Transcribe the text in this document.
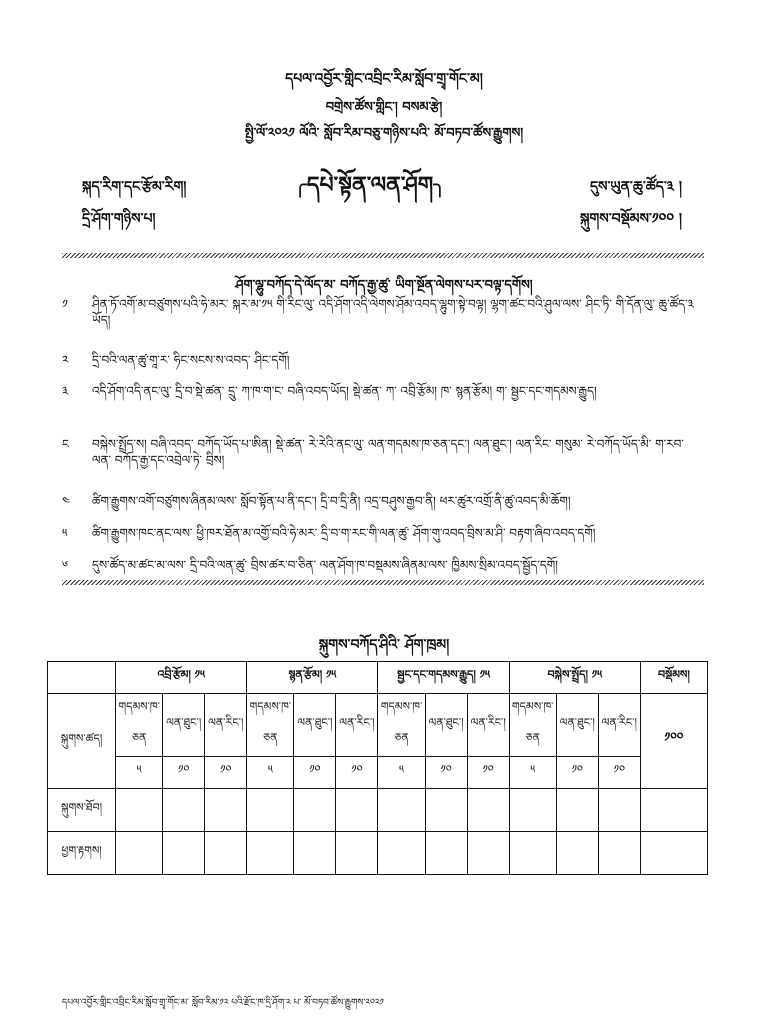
དཔལ་འབྱོར་གླིང་འབྲིང་རིམ་སློབ་གྲྭ་གོང་མ།
བགྲེས་ཚོས་གླིང་། བསམ་རྩེ།
སྤྱི་ལོ་༢༠༢༡ ལོའི་ སློབ་རིམ་བཅུ་གཉིས་པའི་ མོ་བཏབ་ཚོས་རྒྱུགས།
སྐད་རིག་དང་རྩོམ་རིག།	╭དཔེ་སྟོན་ལན་ཤོག╮	དུས་ཡུན་ཆུ་ཚོད་༣ །
དྲི་ཤོག་གཉིས་པ།	སྐུགས་བསྡོམས་༡༠༠ །
ཤོག་ལྷུ་བཀོད་དེ་ལོད་མ་ བཀོད་རྒྱ་ཚུ་ ཡིག་སྔོན་ལེགས་པར་བལྟ་དགོས།
༡	ཤིན་ཏོ་འགོ་མ་བཙུགས་པའི་ཧེ་མར་ སྐར་མ་༡༥ གི་རིང་ལུ་ འདི་ཤོག་འདི་ལེགས་ཤོམ་འབད་ལྷུག་སྟེ་བལྟ། ལྷག་ཚང་བའི་ཤུལ་ལས་ ཤིང་ཏི་ གི་དོན་ལུ་ ཆུ་ཚོད་༣ ཡོད།
༢	དྲི་བའི་ལན་ཚུ་གཱ་ར་ ཧིང་སངས་ས་འབད་ ཤིང་དགོ།
༣	འདི་ཤོག་འདི་ནང་ལུ་ དྲི་བ་སྡེ་ཚན་ དྲུ་ ཀ་ཁ་ག་ང་ བཞི་འབད་ཡོད། སྡེ་ཚན་ ཀ་ འབྲི་རྩོམ། ཁ་ སྙན་རྩོམ། ག་ སྦྱང་དང་གདམས་རྒྱུད།
ང	བསྐེས་སྤྲོད་ས། བཞི་འབད་ བཀོད་ཡོད་པ་ཨིན། སྡེ་ཚན་ རེ་རེའི་ནང་ལུ་ ལན་གདམས་ཁ་ཅན་དང་། ལན་ཐུང་། ལན་རིང་ གསུམ་ རེ་བཀོད་ཡོད་མི་ ག་རབ་ལན་ བཀོད་རྒྱ་དང་འབྲེལ་ཏེ་ བྲིས།
༤	ཚིག་རྒྱུགས་འགོ་བཙུགས་ཞིནམ་ལས་ སློབ་སྟོན་པ་ནི་དང་། དྲི་བ་དྲི་ནི། འདྲ་བཤུས་རྒྱབ་ནི། ཕར་ཚུར་འགྲོ་ནི་ཚུ་འབད་མི་ཆོག།
༥	ཚིག་རྒྱུགས་ཁང་ནང་ལས་ ཕྱི་ཁར་ཐོན་མ་འགྱོ་བའི་ཧེ་མར་ དྲི་བ་ག་རང་གི་ལན་ཚུ་ ཤོག་གུ་འབད་བྲིས་མ་ཤི་ བརྟག་ཞིབ་འབད་དགོ།
༦	དུས་ཚོད་མ་ཚང་མ་ལས་ དྲི་བའི་ལན་ཚུ་ བྲིས་ཚར་བ་ཅིན་ ལན་ཤོག་ཁ་བསྡམས་ཞིནམ་ལས་ ཁྱིམས་སྲིམ་འབད་སྦྱོད་དགོ།
སྐུགས་བཀོད་ཤིའི་ ཤོག་ཁྲམ།
	འབྲི་རྩོམ། ༡༥			སྙན་རྩོམ། ༡༥			སྦྱང་དང་གདམས་རྒྱུད། ༡༥			བསྐེས་སྤྲོད། ༡༥			བསྡོམས།
སྐུགས་ཚད།	གདམས་ཁ་ཅན	ལན་ཐུང་།	ལན་རིང་།	གདམས་ཁ་ཅན	ལན་ཐུང་།	ལན་རིང་།	གདམས་ཁ་ཅན	ལན་ཐུང་།	ལན་རིང་།	གདམས་ཁ་ཅན	ལན་ཐུང་།	ལན་རིང་།	༡༠༠
	༥	༡༠	༡༠	༥	༡༠	༡༠	༥	༡༠	༡༠	༥	༡༠	༡༠	
སྐུགས་ཐོབ།													
ཕྱག་རྟགས།													
དཔལ་འབྱོར་གླིང་འབྲིང་རིམ་སློབ་གྲྭ་གོང་མ་ སློབ་རིམ་༡༢ པའི་རྫོང་ཁ་དྲི་ཤོག་༢ པ་ མོ་བཏབ་ཚོས་རྒྱུགས་༢༠༢༡
